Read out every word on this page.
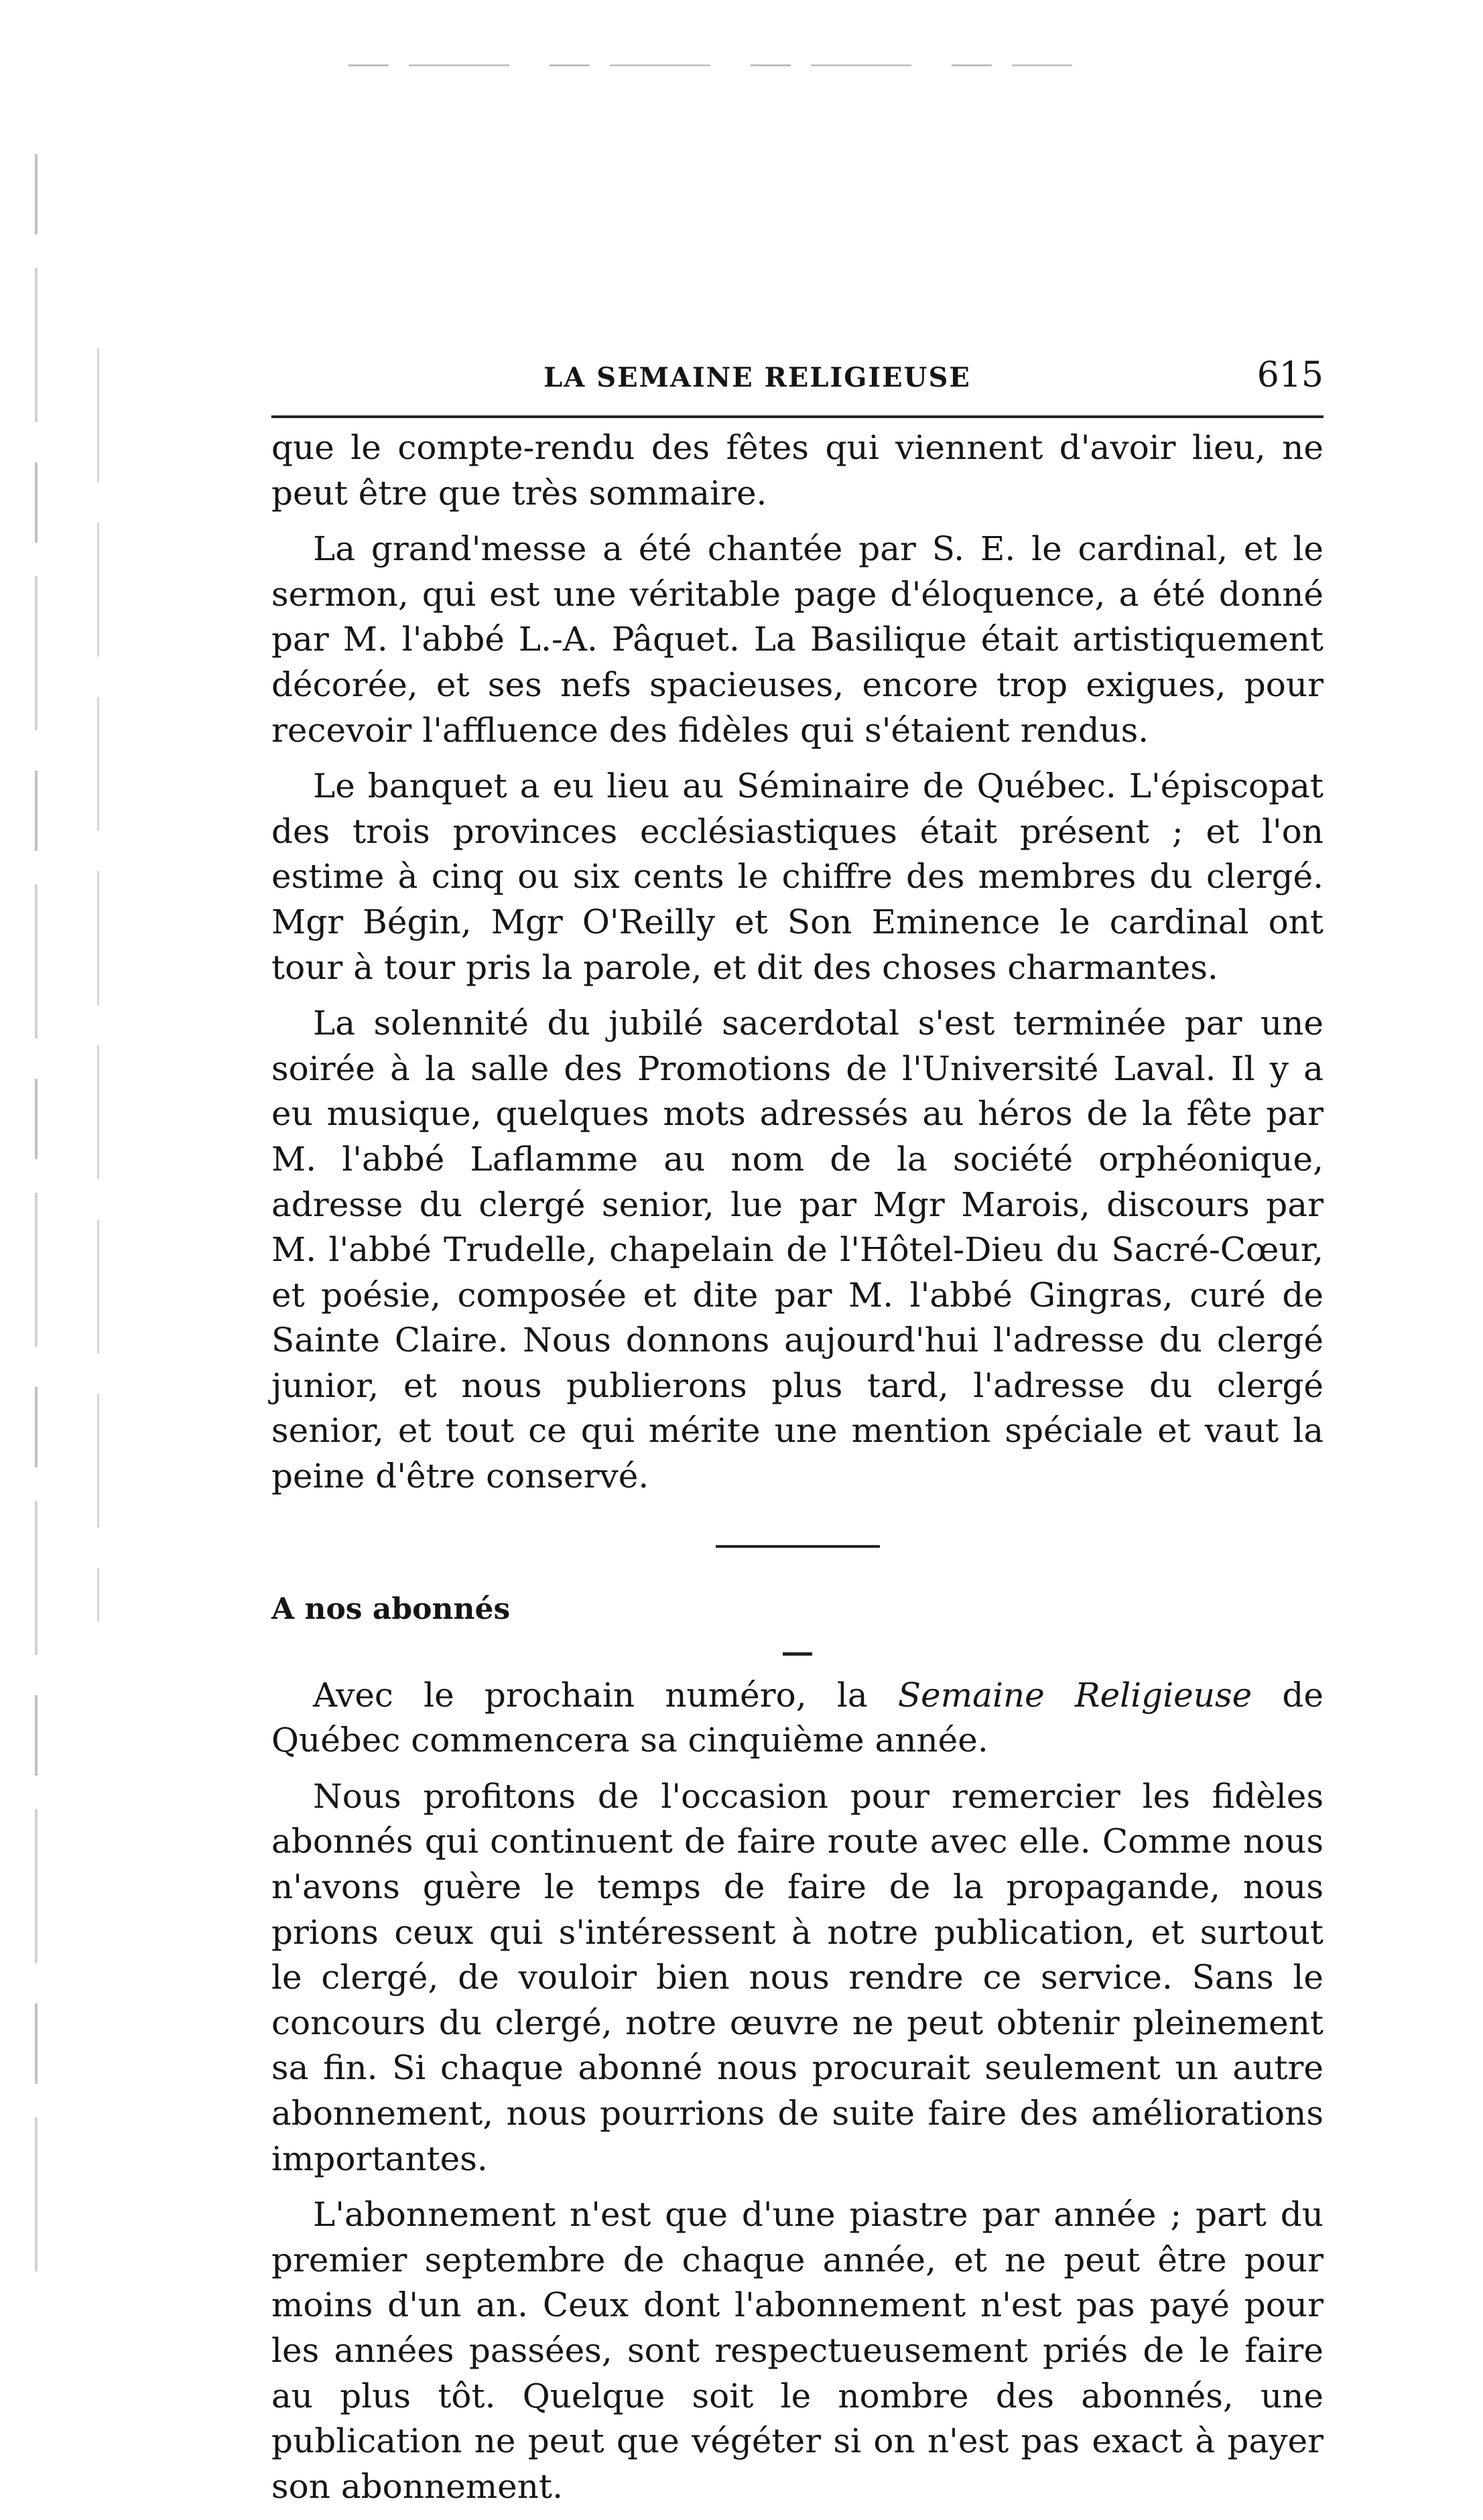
LA SEMAINE RELIGIEUSE	615

que le compte-rendu des fêtes qui viennent d'avoir lieu, ne peut être que très sommaire.

La grand'messe a été chantée par S. E. le cardinal, et le sermon, qui est une véritable page d'éloquence, a été donné par M. l'abbé L.-A. Pâquet. La Basilique était artistiquement décorée, et ses nefs spacieuses, encore trop exigues, pour recevoir l'affluence des fidèles qui s'étaient rendus.

Le banquet a eu lieu au Séminaire de Québec. L'épiscopat des trois provinces ecclésiastiques était présent ; et l'on estime à cinq ou six cents le chiffre des membres du clergé. Mgr Bégin, Mgr O'Reilly et Son Eminence le cardinal ont tour à tour pris la parole, et dit des choses charmantes.

La solennité du jubilé sacerdotal s'est terminée par une soirée à la salle des Promotions de l'Université Laval. Il y a eu musique, quelques mots adressés au héros de la fête par M. l'abbé Laflamme au nom de la société orphéonique, adresse du clergé senior, lue par Mgr Marois, discours par M. l'abbé Trudelle, chapelain de l'Hôtel-Dieu du Sacré-Cœur, et poésie, composée et dite par M. l'abbé Gingras, curé de Sainte Claire. Nous donnons aujourd'hui l'adresse du clergé junior, et nous publierons plus tard, l'adresse du clergé senior, et tout ce qui mérite une mention spéciale et vaut la peine d'être conservé.

A nos abonnés

Avec le prochain numéro, la Semaine Religieuse de Québec commencera sa cinquième année.

Nous profitons de l'occasion pour remercier les fidèles abonnés qui continuent de faire route avec elle. Comme nous n'avons guère le temps de faire de la propagande, nous prions ceux qui s'intéressent à notre publication, et surtout le clergé, de vouloir bien nous rendre ce service. Sans le concours du clergé, notre œuvre ne peut obtenir pleinement sa fin. Si chaque abonné nous procurait seulement un autre abonnement, nous pourrions de suite faire des améliorations importantes.

L'abonnement n'est que d'une piastre par année ; part du premier septembre de chaque année, et ne peut être pour moins d'un an. Ceux dont l'abonnement n'est pas payé pour les années passées, sont respectueusement priés de le faire au plus tôt. Quelque soit le nombre des abonnés, une publication ne peut que végéter si on n'est pas exact à payer son abonnement.
